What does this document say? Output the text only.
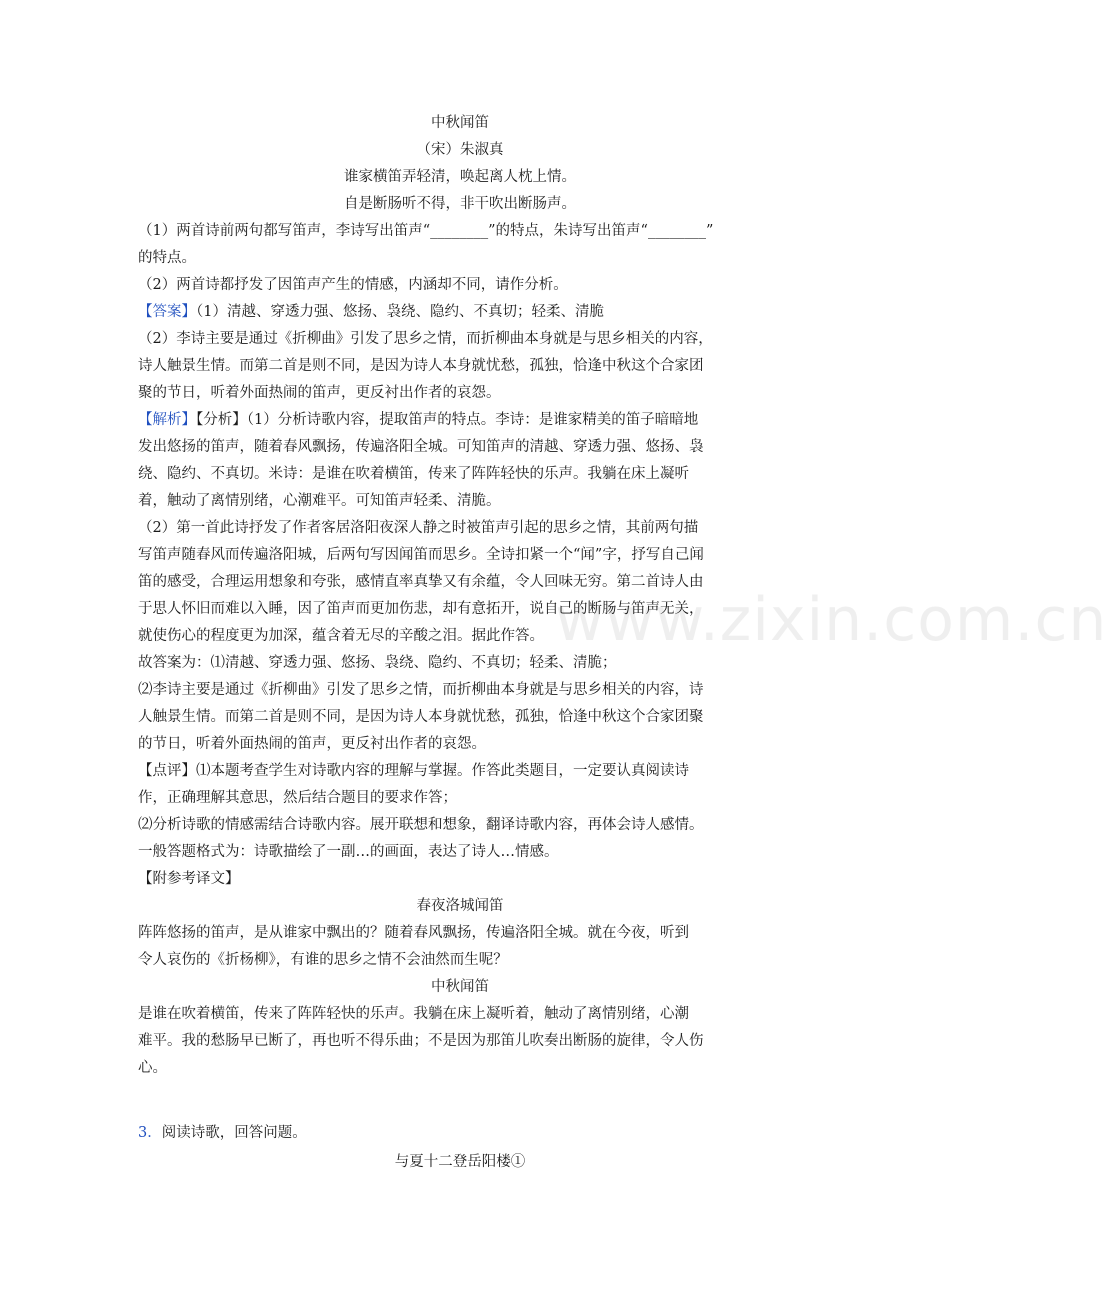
www.zixin.com.cn
中秋闻笛
（宋）朱淑真
谁家横笛弄轻清，唤起离人枕上情。
自是断肠听不得，非干吹出断肠声。
（1）两首诗前两句都写笛声，李诗写出笛声“________”的特点，朱诗写出笛声“________”
的特点。
（2）两首诗都抒发了因笛声产生的情感，内涵却不同，请作分析。
【答案】（1）清越、穿透力强、悠扬、袅绕、隐约、不真切；轻柔、清脆
（2）李诗主要是通过《折柳曲》引发了思乡之情，而折柳曲本身就是与思乡相关的内容，
诗人触景生情。而第二首是则不同，是因为诗人本身就忧愁，孤独，恰逢中秋这个合家团
聚的节日，听着外面热闹的笛声，更反衬出作者的哀怨。
【解析】【分析】（1）分析诗歌内容，提取笛声的特点。李诗：是谁家精美的笛子暗暗地
发出悠扬的笛声，随着春风飘扬，传遍洛阳全城。可知笛声的清越、穿透力强、悠扬、袅
绕、隐约、不真切。米诗：是谁在吹着横笛，传来了阵阵轻快的乐声。我躺在床上凝听
着，触动了离情别绪，心潮难平。可知笛声轻柔、清脆。
（2）第一首此诗抒发了作者客居洛阳夜深人静之时被笛声引起的思乡之情，其前两句描
写笛声随春风而传遍洛阳城，后两句写因闻笛而思乡。全诗扣紧一个“闻”字，抒写自己闻
笛的感受，合理运用想象和夸张，感情直率真挚又有余蕴，令人回味无穷。第二首诗人由
于思人怀旧而难以入睡，因了笛声而更加伤悲，却有意拓开，说自己的断肠与笛声无关，
就使伤心的程度更为加深，蕴含着无尽的辛酸之泪。据此作答。
故答案为：⑴清越、穿透力强、悠扬、袅绕、隐约、不真切；轻柔、清脆；
⑵李诗主要是通过《折柳曲》引发了思乡之情，而折柳曲本身就是与思乡相关的内容，诗
人触景生情。而第二首是则不同，是因为诗人本身就忧愁，孤独，恰逢中秋这个合家团聚
的节日，听着外面热闹的笛声，更反衬出作者的哀怨。
【点评】⑴本题考查学生对诗歌内容的理解与掌握。作答此类题目，一定要认真阅读诗
作，正确理解其意思，然后结合题目的要求作答；
⑵分析诗歌的情感需结合诗歌内容。展开联想和想象，翻译诗歌内容，再体会诗人感情。
一般答题格式为：诗歌描绘了一副…的画面，表达了诗人…情感。
【附参考译文】
春夜洛城闻笛
阵阵悠扬的笛声，是从谁家中飘出的？随着春风飘扬，传遍洛阳全城。就在今夜，听到
令人哀伤的《折杨柳》，有谁的思乡之情不会油然而生呢？
中秋闻笛
是谁在吹着横笛，传来了阵阵轻快的乐声。我躺在床上凝听着，触动了离情别绪，心潮
难平。我的愁肠早已断了，再也听不得乐曲；不是因为那笛儿吹奏出断肠的旋律，令人伤
心。
3．阅读诗歌，回答问题。
与夏十二登岳阳楼①
